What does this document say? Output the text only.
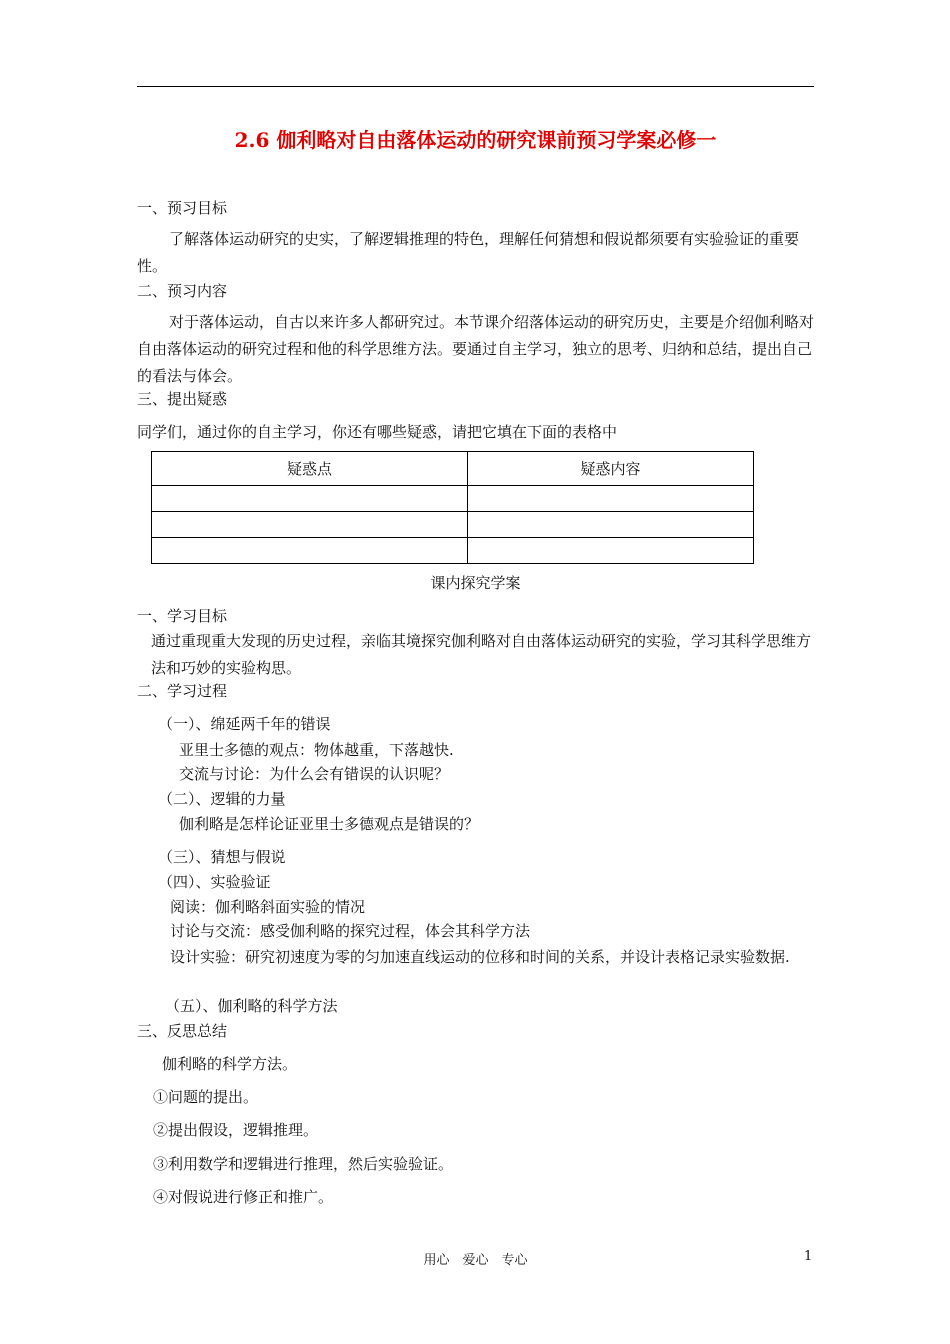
2.6 伽利略对自由落体运动的研究课前预习学案必修一
一、预习目标
了解落体运动研究的史实，了解逻辑推理的特色，理解任何猜想和假说都须要有实验验证的重要性。
二、预习内容
对于落体运动，自古以来许多人都研究过。本节课介绍落体运动的研究历史，主要是介绍伽利略对自由落体运动的研究过程和他的科学思维方法。要通过自主学习，独立的思考、归纳和总结，提出自己的看法与体会。
三、提出疑惑
同学们，通过你的自主学习，你还有哪些疑惑，请把它填在下面的表格中
疑惑点	疑惑内容

课内探究学案
一、学习目标
通过重现重大发现的历史过程，亲临其境探究伽利略对自由落体运动研究的实验，学习其科学思维方法和巧妙的实验构思。
二、学习过程
（一）、绵延两千年的错误
亚里士多德的观点：物体越重，下落越快.
交流与讨论：为什么会有错误的认识呢？
（二）、逻辑的力量
伽利略是怎样论证亚里士多德观点是错误的？
（三）、猜想与假说
（四）、实验验证
阅读：伽利略斜面实验的情况
讨论与交流：感受伽利略的探究过程，体会其科学方法
设计实验：研究初速度为零的匀加速直线运动的位移和时间的关系，并设计表格记录实验数据.
（五）、伽利略的科学方法
三、反思总结
伽利略的科学方法。
①问题的提出。
②提出假设，逻辑推理。
③利用数学和逻辑进行推理，然后实验验证。
④对假说进行修正和推广。
用心　爱心　专心	1
